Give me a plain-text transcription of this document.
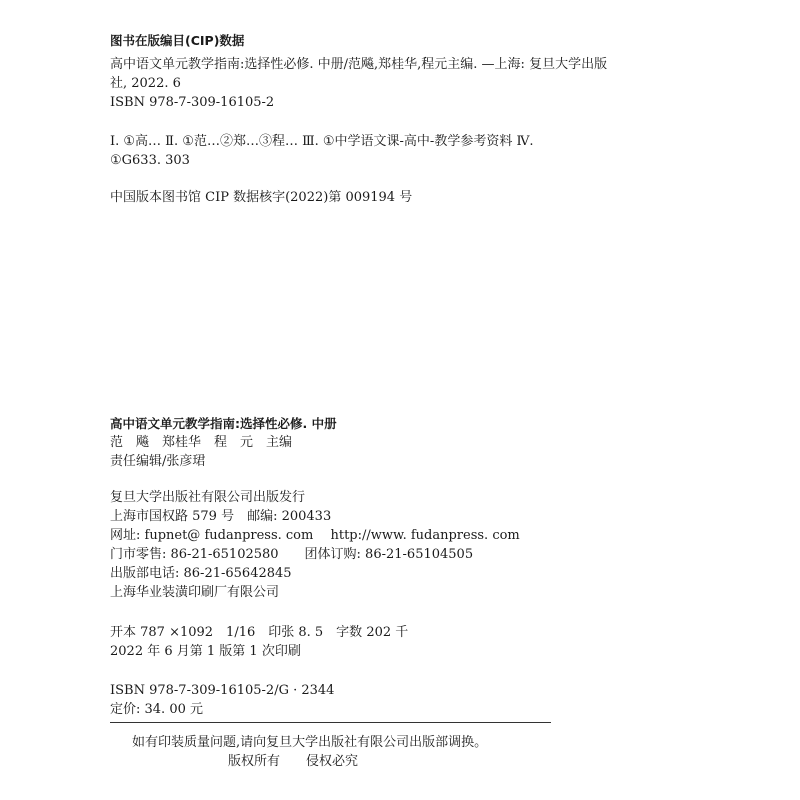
图书在版编目(CIP)数据
高中语文单元教学指南:选择性必修. 中册/范飚,郑桂华,程元主编. —上海: 复旦大学出版
社, 2022. 6
ISBN 978-7-309-16105-2
Ⅰ. ①高… Ⅱ. ①范…②郑…③程… Ⅲ. ①中学语文课-高中-教学参考资料 Ⅳ.
①G633. 303
中国版本图书馆 CIP 数据核字(2022)第 009194 号
高中语文单元教学指南:选择性必修. 中册
范　飚　郑桂华　程　元　主编
责任编辑/张彦珺
复旦大学出版社有限公司出版发行
上海市国权路 579 号　邮编: 200433
网址: fupnet@ fudanpress. com　 http://www. fudanpress. com
门市零售: 86-21-65102580　　团体订购: 86-21-65104505
出版部电话: 86-21-65642845
上海华业装潢印刷厂有限公司
开本 787 ×1092　1/16　印张 8. 5　字数 202 千
2022 年 6 月第 1 版第 1 次印刷
ISBN 978-7-309-16105-2/G · 2344
定价: 34. 00 元
如有印装质量问题,请向复旦大学出版社有限公司出版部调换。
版权所有　　侵权必究
